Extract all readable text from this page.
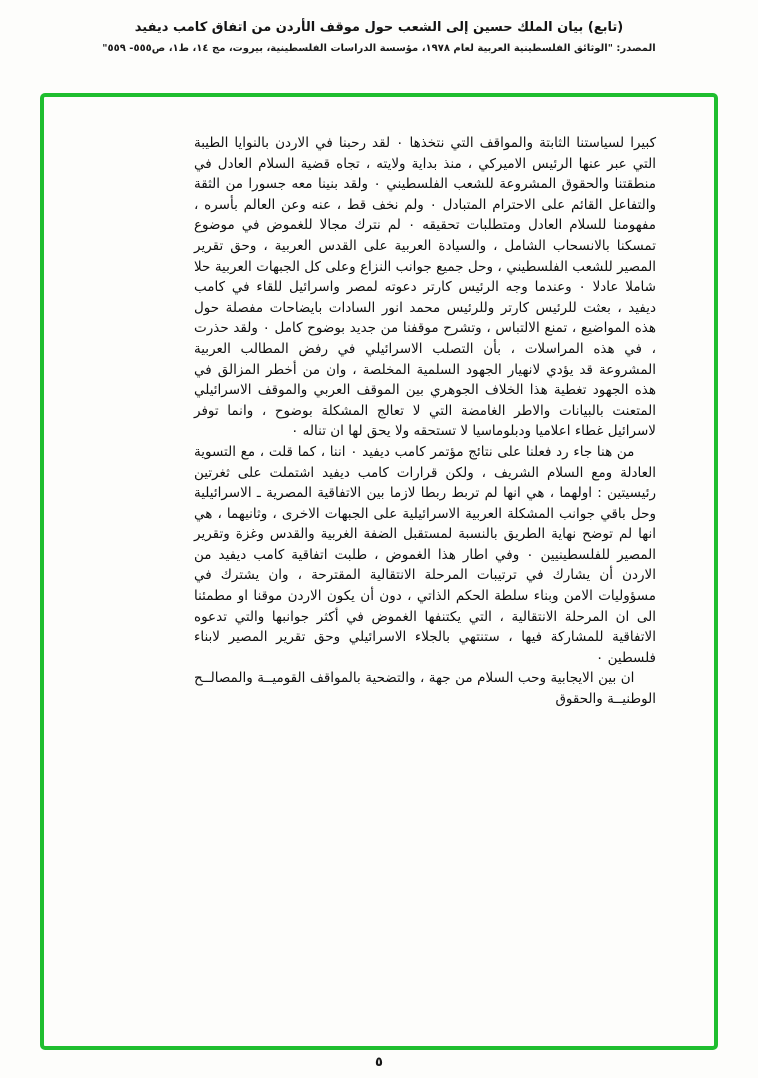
(تابع) بيان الملك حسين إلى الشعب حول موقف الأردن من اتفاق كامب ديفيد
المصدر: "الوثائق الفلسطينية العربية لعام ١٩٧٨، مؤسسة الدراسات الفلسطينية، بيروت، مج ١٤، ط١، ص٥٥٥- ٥٥٩"

كبيرا لسياستنا الثابتة والمواقف التي نتخذها ٠ لقد رحبنا في الاردن بالنوايا الطيبة التي عبر عنها الرئيس الاميركي ، منذ بداية ولايته ، تجاه قضية السلام العادل في منطقتنا والحقوق المشروعة للشعب الفلسطيني ٠ ولقد بنينا معه جسورا من الثقة والتفاعل القائم على الاحترام المتبادل ٠ ولم نخف قط ، عنه وعن العالم بأسره ، مفهومنا للسلام العادل ومتطلبات تحقيقه ٠ لم نترك مجالا للغموض في موضوع تمسكنا بالانسحاب الشامل ، والسيادة العربية على القدس العربية ، وحق تقرير المصير للشعب الفلسطيني ، وحل جميع جوانب النزاع وعلى كل الجبهات العربية حلا شاملا عادلا ٠ وعندما وجه الرئيس كارتر دعوته لمصر واسرائيل للقاء في كامب ديفيد ، بعثت للرئيس كارتر وللرئيس محمد انور السادات بايضاحات مفصلة حول هذه المواضيع ، تمنع الالتباس ، وتشرح موقفنا من جديد بوضوح كامل ٠ ولقد حذرت ، في هذه المراسلات ، بأن التصلب الاسرائيلي في رفض المطالب العربية المشروعة قد يؤدي لانهيار الجهود السلمية المخلصة ، وان من أخطر المزالق في هذه الجهود تغطية هذا الخلاف الجوهري بين الموقف العربي والموقف الاسرائيلي المتعنت بالبيانات والاطر الغامضة التي لا تعالج المشكلة بوضوح ، وانما توفر لاسرائيل غطاء اعلاميا ودبلوماسيا لا تستحقه ولا يحق لها ان تناله ٠

من هنا جاء رد فعلنا على نتائج مؤتمر كامب ديفيد ٠ اننا ، كما قلت ، مع التسوية العادلة ومع السلام الشريف ، ولكن قرارات كامب ديفيد اشتملت على ثغرتين رئيسيتين : اولهما ، هي انها لم تربط ربطا لازما بين الاتفاقية المصرية ـ الاسرائيلية وحل باقي جوانب المشكلة العربية الاسرائيلية على الجبهات الاخرى ، وثانيهما ، هي انها لم توضح نهاية الطريق بالنسبة لمستقبل الضفة الغربية والقدس وغزة وتقرير المصير للفلسطينيين ٠ وفي اطار هذا الغموض ، طلبت اتفاقية كامب ديفيد من الاردن أن يشارك في ترتيبات المرحلة الانتقالية المقترحة ، وان يشترك في مسؤوليات الامن وبناء سلطة الحكم الذاتي ، دون أن يكون الاردن موقنا او مطمئنا الى ان المرحلة الانتقالية ، التي يكتنفها الغموض في أكثر جوانبها والتي تدعوه الاتفاقية للمشاركة فيها ، ستنتهي بالجلاء الاسرائيلي وحق تقرير المصير لابناء فلسطين ٠

ان بين الايجابية وحب السلام من جهة ، والتضحية بالمواقف القوميــة والمصالــح الوطنيــة والحقوق

٥
